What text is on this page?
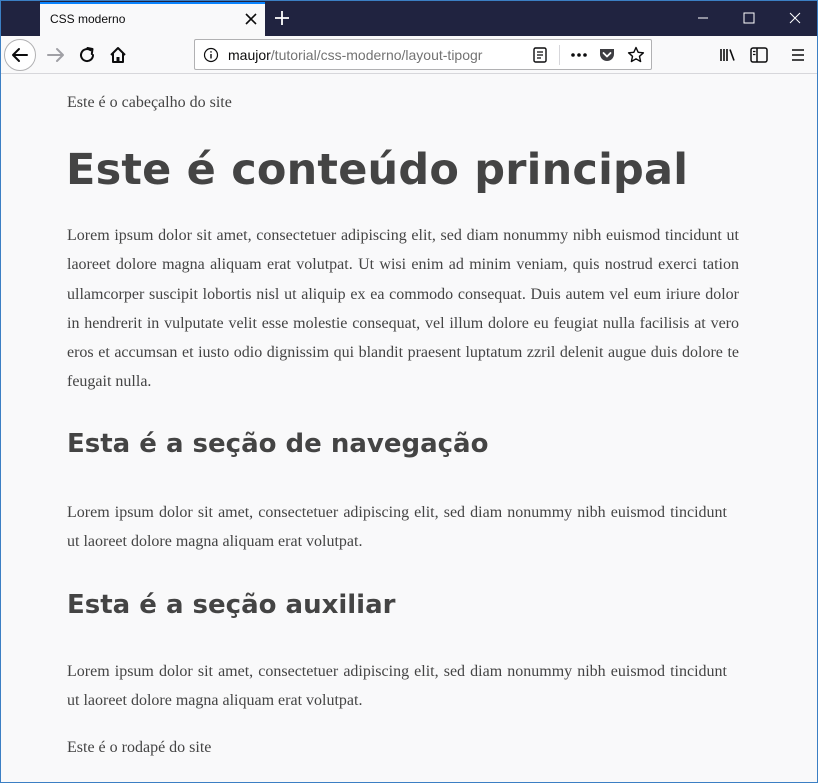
CSS moderno
maujor/tutorial/css-moderno/layout-tipogr
Este é o cabeçalho do site
Este é conteúdo principal

Lorem ipsum dolor sit amet, consectetuer adipiscing elit, sed diam nonummy nibh euismod tincidunt ut laoreet dolore magna aliquam erat volutpat. Ut wisi enim ad minim veniam, quis nostrud exerci tation ullamcorper suscipit lobortis nisl ut aliquip ex ea commodo consequat. Duis autem vel eum iriure dolor in hendrerit in vulputate velit esse molestie consequat, vel illum dolore eu feugiat nulla facilisis at vero eros et accumsan et iusto odio dignissim qui blandit praesent luptatum zzril delenit augue duis dolore te feugait nulla.

Esta é a seção de navegação

Lorem ipsum dolor sit amet, consectetuer adipiscing elit, sed diam nonummy nibh euismod tincidunt ut laoreet dolore magna aliquam erat volutpat.

Esta é a seção auxiliar

Lorem ipsum dolor sit amet, consectetuer adipiscing elit, sed diam nonummy nibh euismod tincidunt ut laoreet dolore magna aliquam erat volutpat.

Este é o rodapé do site
